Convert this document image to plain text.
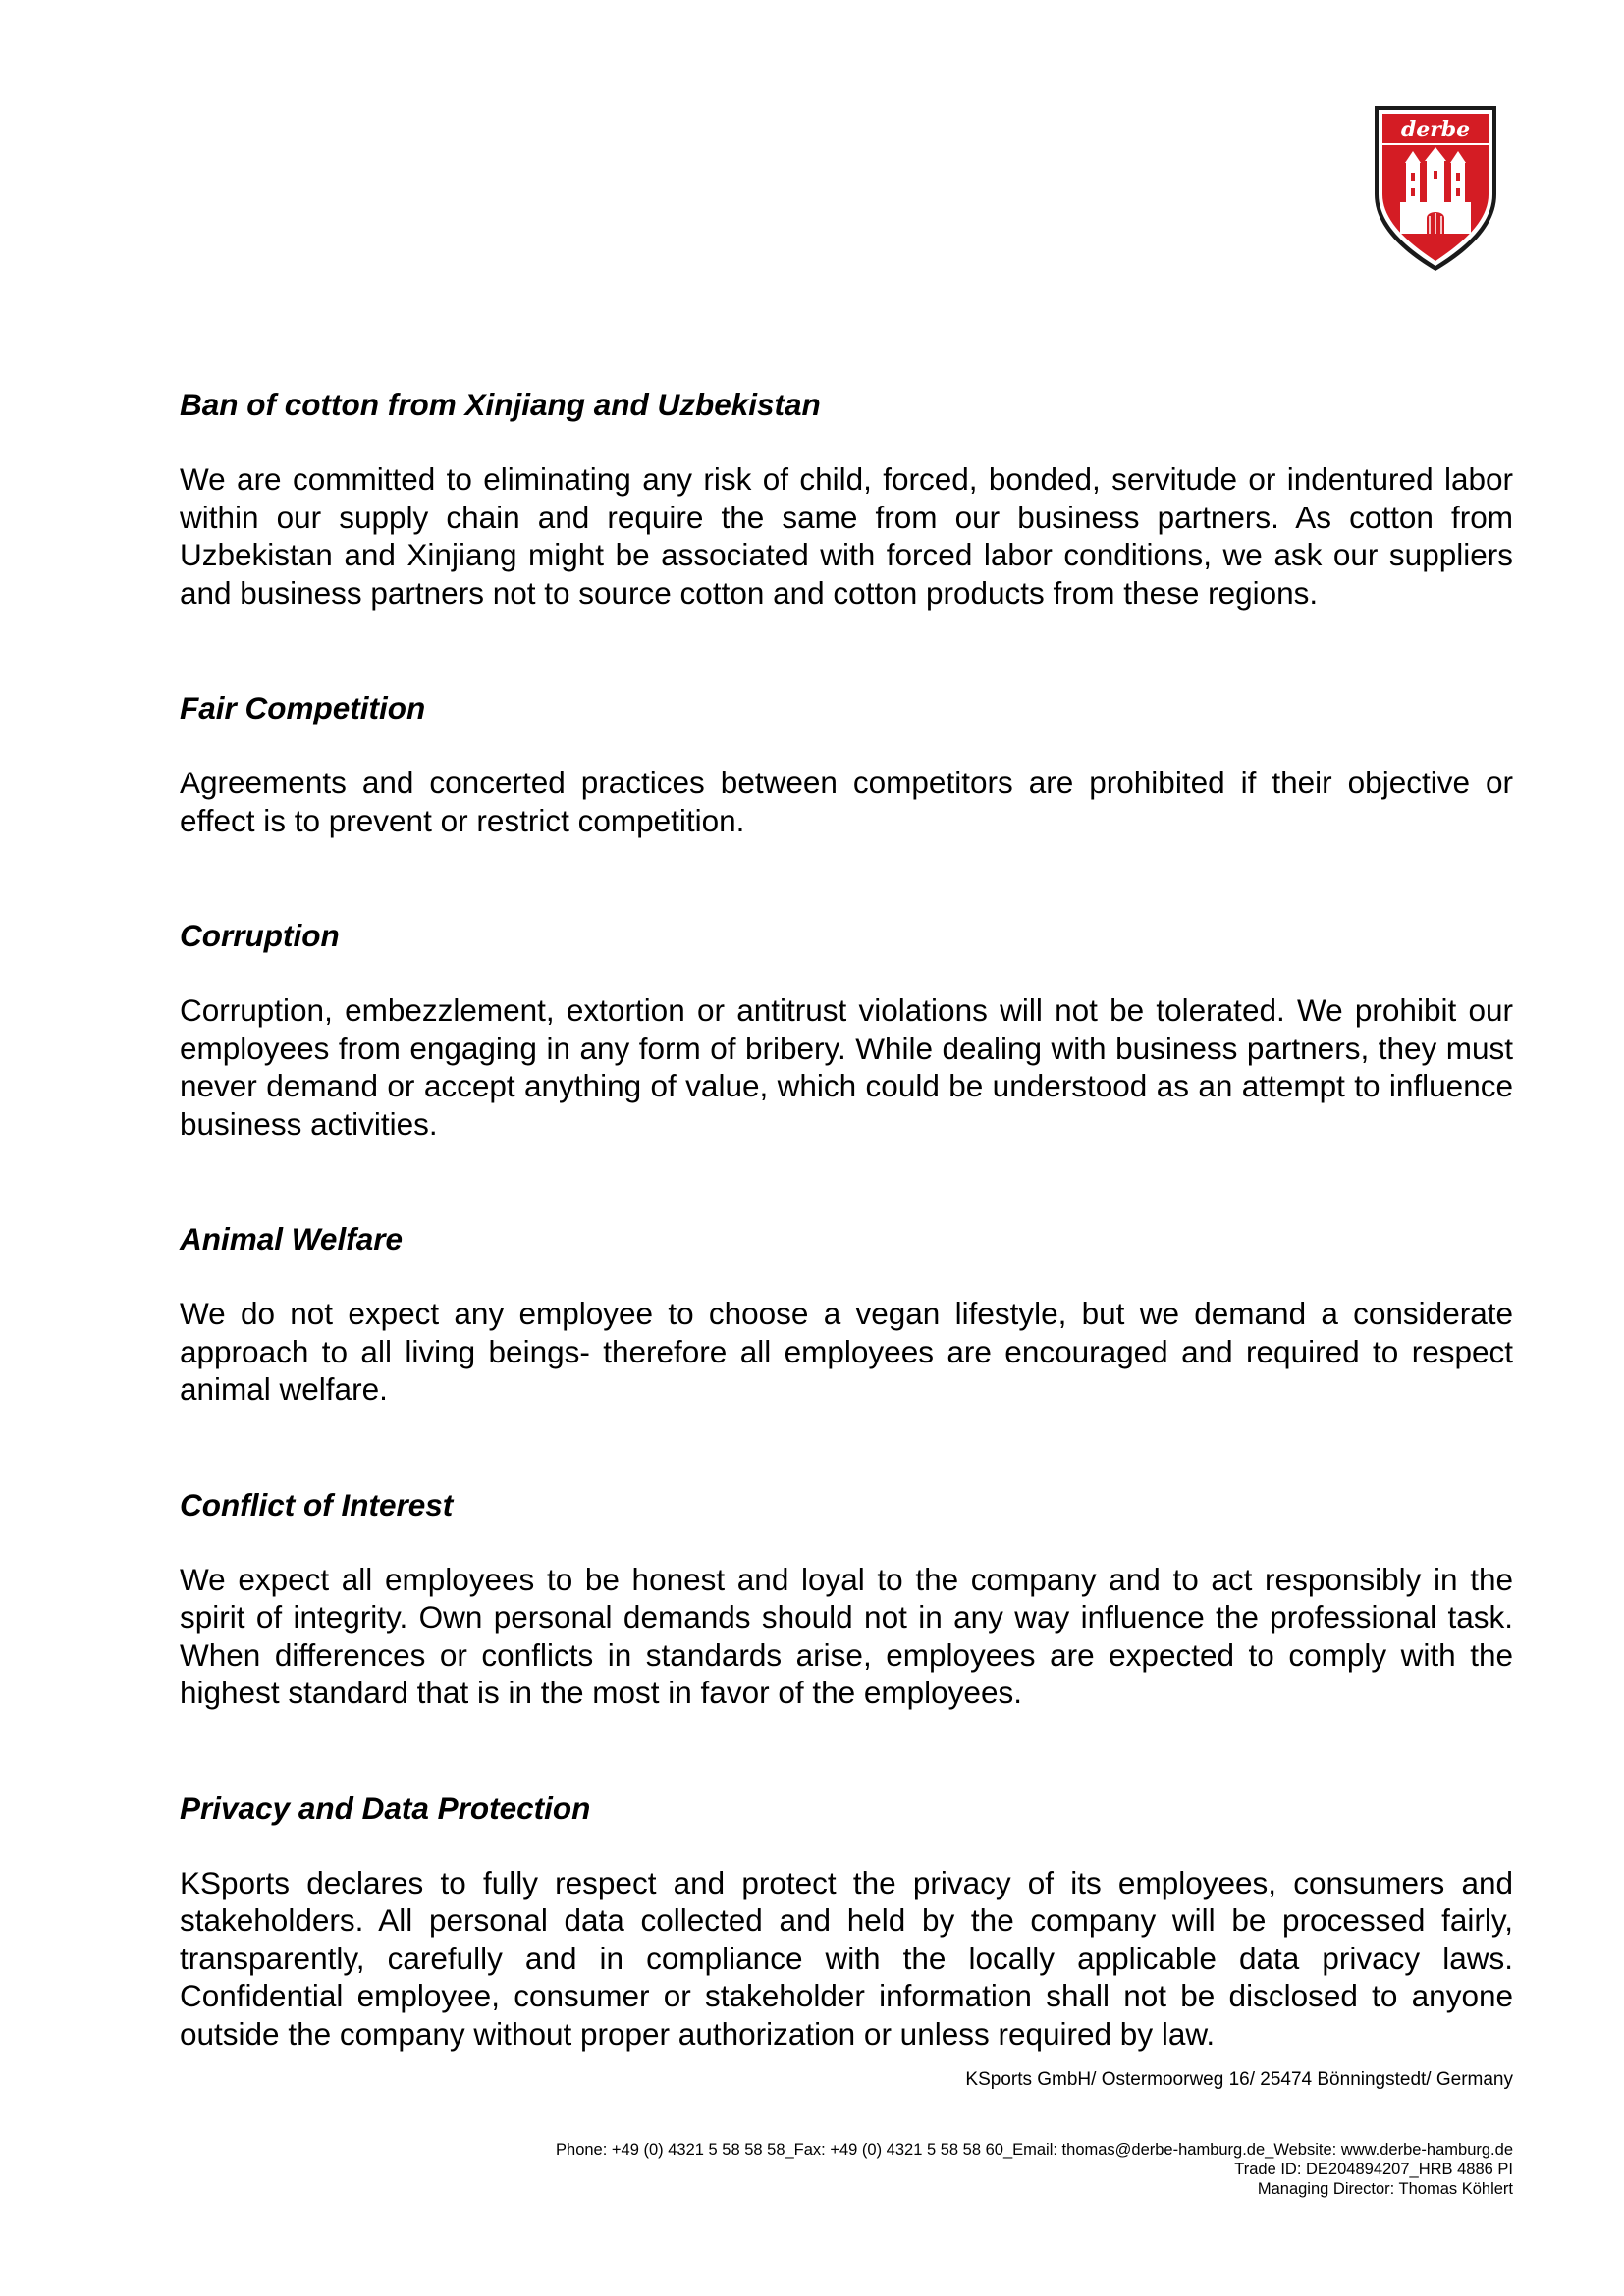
derbe
Ban of cotton from Xinjiang and Uzbekistan

We are committed to eliminating any risk of child, forced, bonded, servitude or indentured labor within our supply chain and require the same from our business partners. As cotton from Uzbekistan and Xinjiang might be associated with forced labor conditions, we ask our suppliers and business partners not to source cotton and cotton products from these regions.

Fair Competition

Agreements and concerted practices between competitors are prohibited if their objective or effect is to prevent or restrict competition.

Corruption

Corruption, embezzlement, extortion or antitrust violations will not be tolerated. We prohibit our employees from engaging in any form of bribery. While dealing with business partners, they must never demand or accept anything of value, which could be understood as an attempt to influence business activities.

Animal Welfare

We do not expect any employee to choose a vegan lifestyle, but we demand a considerate approach to all living beings- therefore all employees are encouraged and required to respect animal welfare.

Conflict of Interest

We expect all employees to be honest and loyal to the company and to act responsibly in the spirit of integrity. Own personal demands should not in any way influence the professional task. When differences or conflicts in standards arise, employees are expected to comply with the highest standard that is in the most in favor of the employees.

Privacy and Data Protection

KSports declares to fully respect and protect the privacy of its employees, consumers and stakeholders. All personal data collected and held by the company will be processed fairly, transparently, carefully and in compliance with the locally applicable data privacy laws. Confidential employee, consumer or stakeholder information shall not be disclosed to anyone outside the company without proper authorization or unless required by law.

KSports GmbH/ Ostermoorweg 16/ 25474 Bönningstedt/ Germany
Phone: +49 (0) 4321 5 58 58 58_Fax: +49 (0) 4321 5 58 58 60_Email: thomas@derbe-hamburg.de_Website: www.derbe-hamburg.de
Trade ID: DE204894207_HRB 4886 PI
Managing Director: Thomas Köhlert
